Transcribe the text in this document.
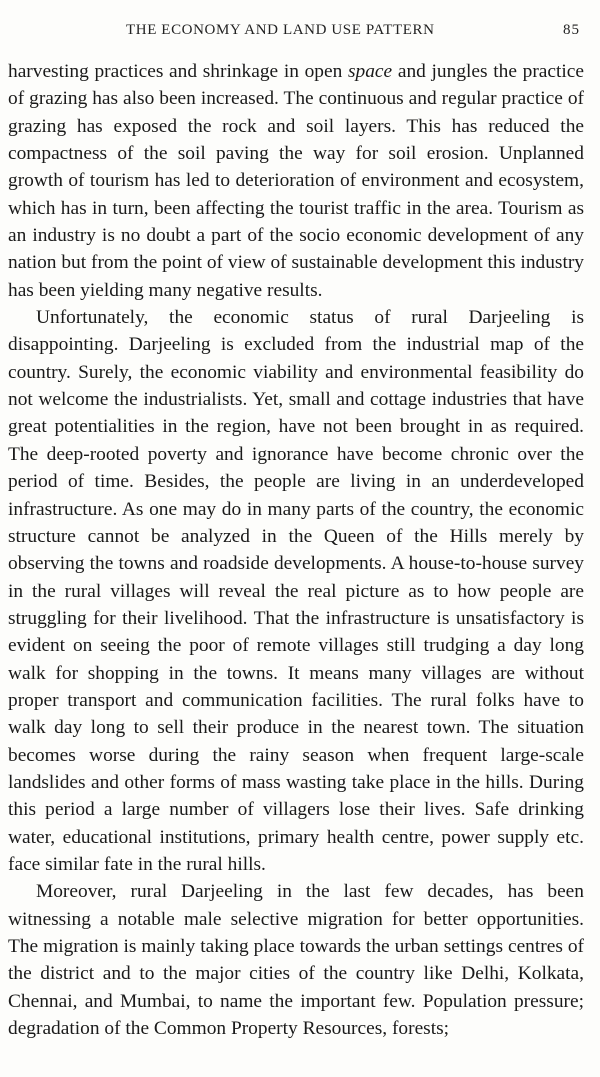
THE ECONOMY AND LAND USE PATTERN	85

harvesting practices and shrinkage in open space and jungles the practice of grazing has also been increased. The continuous and regular practice of grazing has exposed the rock and soil layers. This has reduced the compactness of the soil paving the way for soil erosion. Unplanned growth of tourism has led to deterioration of environment and ecosystem, which has in turn, been affecting the tourist traffic in the area. Tourism as an industry is no doubt a part of the socio economic development of any nation but from the point of view of sustainable development this industry has been yielding many negative results.

Unfortunately, the economic status of rural Darjeeling is disappointing. Darjeeling is excluded from the industrial map of the country. Surely, the economic viability and environmental feasibility do not welcome the industrialists. Yet, small and cottage industries that have great potentialities in the region, have not been brought in as required. The deep-rooted poverty and ignorance have become chronic over the period of time. Besides, the people are living in an underdeveloped infrastructure. As one may do in many parts of the country, the economic structure cannot be analyzed in the Queen of the Hills merely by observing the towns and roadside developments. A house-to-house survey in the rural villages will reveal the real picture as to how people are struggling for their livelihood. That the infrastructure is unsatisfactory is evident on seeing the poor of remote villages still trudging a day long walk for shopping in the towns. It means many villages are without proper transport and communication facilities. The rural folks have to walk day long to sell their produce in the nearest town. The situation becomes worse during the rainy season when frequent large-scale landslides and other forms of mass wasting take place in the hills. During this period a large number of villagers lose their lives. Safe drinking water, educational institutions, primary health centre, power supply etc. face similar fate in the rural hills.

Moreover, rural Darjeeling in the last few decades, has been witnessing a notable male selective migration for better opportunities. The migration is mainly taking place towards the urban settings centres of the district and to the major cities of the country like Delhi, Kolkata, Chennai, and Mumbai, to name the important few. Population pressure; degradation of the Common Property Resources, forests;
